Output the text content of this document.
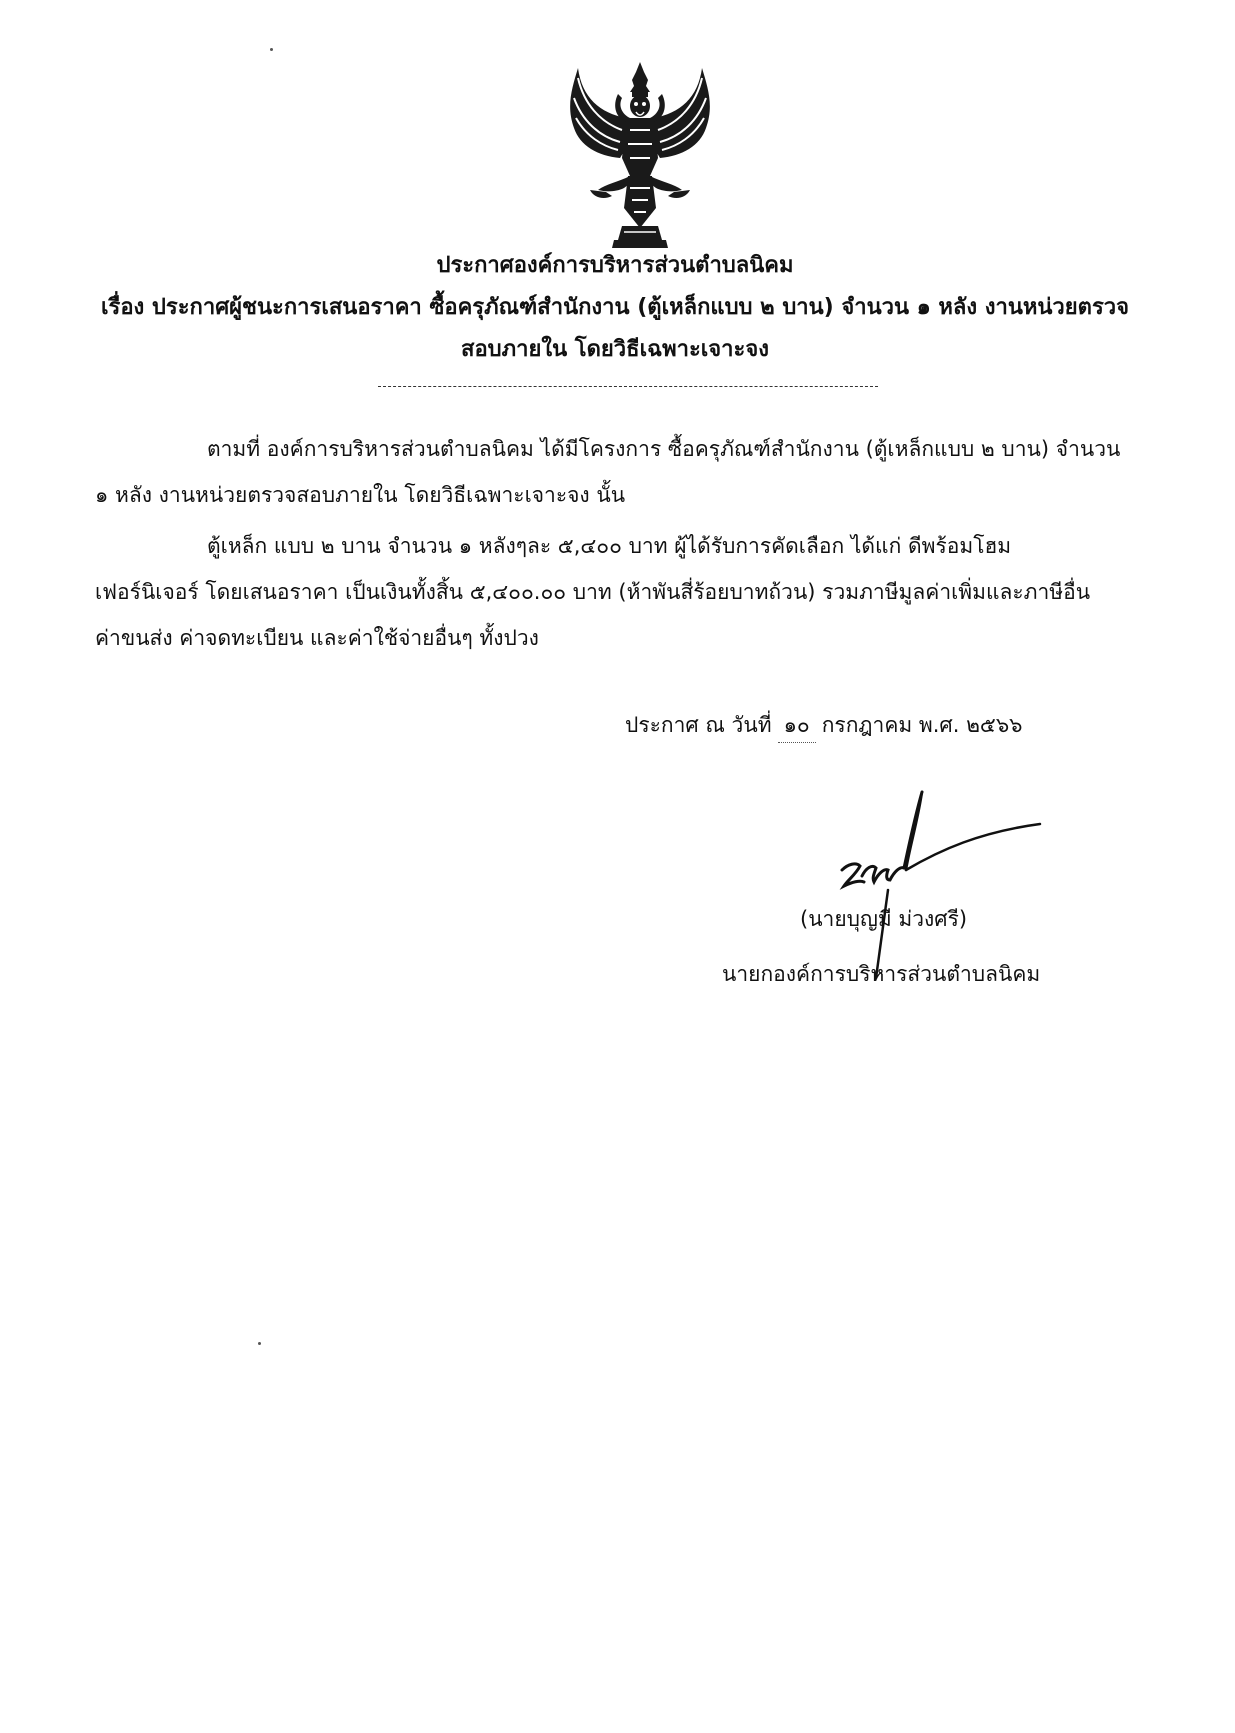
ประกาศองค์การบริหารส่วนตำบลนิคม
เรื่อง ประกาศผู้ชนะการเสนอราคา ซื้อครุภัณฑ์สำนักงาน (ตู้เหล็กแบบ ๒ บาน) จำนวน ๑ หลัง งานหน่วยตรวจ
สอบภายใน โดยวิธีเฉพาะเจาะจง
ตามที่ องค์การบริหารส่วนตำบลนิคม ได้มีโครงการ ซื้อครุภัณฑ์สำนักงาน (ตู้เหล็กแบบ ๒ บาน) จำนวน
๑ หลัง งานหน่วยตรวจสอบภายใน โดยวิธีเฉพาะเจาะจง นั้น
ตู้เหล็ก แบบ ๒ บาน จำนวน ๑ หลังๆละ ๕,๔๐๐ บาท ผู้ได้รับการคัดเลือก ได้แก่ ดีพร้อมโฮม
เฟอร์นิเจอร์ โดยเสนอราคา เป็นเงินทั้งสิ้น ๕,๔๐๐.๐๐ บาท (ห้าพันสี่ร้อยบาทถ้วน) รวมภาษีมูลค่าเพิ่มและภาษีอื่น
ค่าขนส่ง ค่าจดทะเบียน และค่าใช้จ่ายอื่นๆ ทั้งปวง
ประกาศ ณ วันที่ ๑๐ กรกฎาคม พ.ศ. ๒๕๖๖
(นายบุญมี ม่วงศรี)
นายกองค์การบริหารส่วนตำบลนิคม
